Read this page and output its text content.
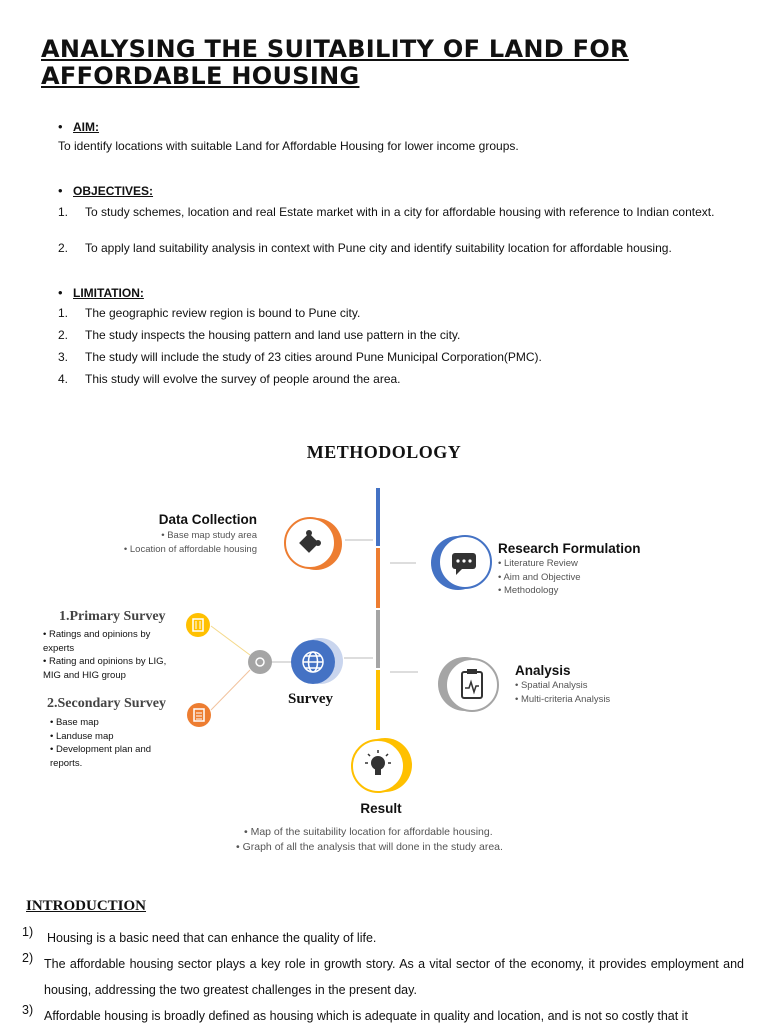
ANALYSING THE SUITABILITY OF LAND FOR AFFORDABLE HOUSING
• AIM:
To identify locations with suitable Land for Affordable Housing for lower income groups.
• OBJECTIVES:
1. To study schemes, location and real Estate market with in a city for affordable housing with reference to Indian context.
2. To apply land suitability analysis in context with Pune city and identify suitability location for affordable housing.
• LIMITATION:
1. The geographic review region is bound to Pune city.
2. The study inspects the housing pattern and land use pattern in the city.
3. The study will include the study of 23 cities around Pune Municipal Corporation(PMC).
4. This study will evolve the survey of people around the area.
METHODOLOGY
Data Collection
• Base map study area
• Location of affordable housing	Research Formulation
• Literature Review
• Aim and Objective
• Methodology
1.Primary Survey
• Ratings and opinions by experts
• Rating and opinions by LIG, MIG and HIG group
2.Secondary Survey
• Base map
• Landuse map
• Development plan and reports.
Survey
Analysis
• Spatial Analysis
• Multi-criteria Analysis
Result
• Map of the suitability location for affordable housing.
• Graph of all the analysis that will done in the study area.
INTRODUCTION
1) Housing is a basic need that can enhance the quality of life.
2) The affordable housing sector plays a key role in growth story. As a vital sector of the economy, it provides employment and housing, addressing the two greatest challenges in the present day.
3) Affordable housing is broadly defined as housing which is adequate in quality and location, and is not so costly that it
